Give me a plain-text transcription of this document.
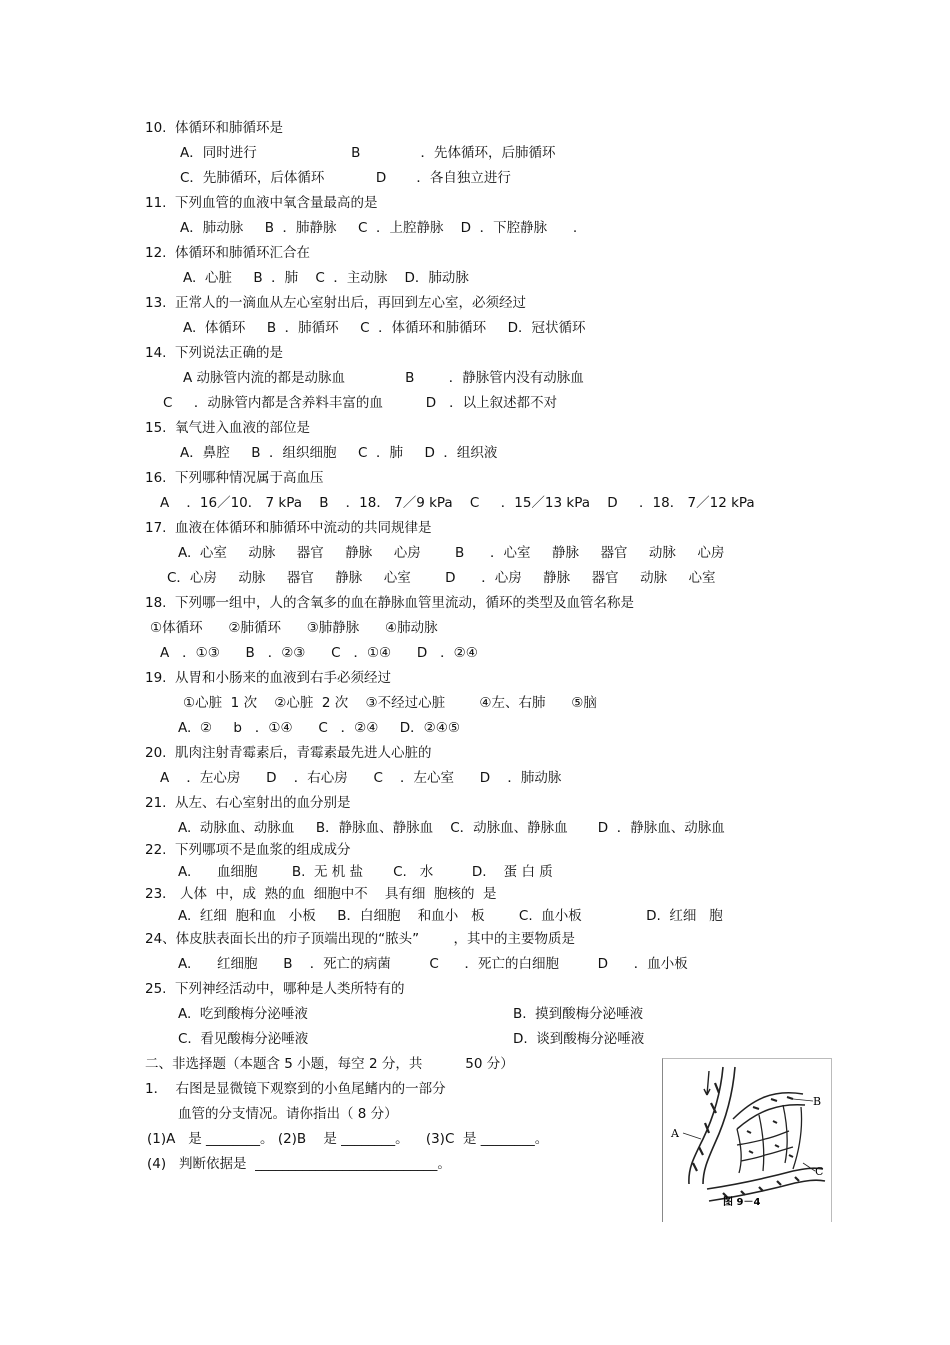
10.  体循环和肺循环是
A．同时进行                      B              ．先体循环，后肺循环
C．先肺循环，后体循环            D       ．各自独立进行
11.  下列血管的血液中氧含量最高的是
A．肺动脉     B  ．肺静脉     C  ．上腔静脉    D  ．下腔静脉      .
12.  体循环和肺循环汇合在
A.  心脏     B  ．肺    C  ．主动脉    D．肺动脉
13.  正常人的一滴血从左心室射出后，再回到左心室，必须经过
A.  体循环     B  ．肺循环     C  ．体循环和肺循环     D．冠状循环
14.  下列说法正确的是
A 动脉管内流的都是动脉血              B        ．静脉管内没有动脉血
C     ．动脉管内都是含养料丰富的血          D   ．以上叙述都不对
15.  氧气进入血液的部位是
A．鼻腔     B  ．组织细胞     C  ．肺     D  ．组织液
16.  下列哪种情况属于高血压
A    ．16／10． 7 kPa    B    ．18． 7／9 kPa    C     ．15／13 kPa    D     ．18． 7／12 kPa
17.  血液在体循环和肺循环中流动的共同规律是
A.  心室     动脉     器官     静脉     心房        B      ．心室     静脉     器官     动脉     心房
C．心房     动脉     器官     静脉     心室        D      ．心房     静脉     器官     动脉     心室
18.  下列哪一组中，人的含氧多的血在静脉血管里流动，循环的类型及血管名称是
①体循环      ②肺循环      ③肺静脉      ④肺动脉
A   ．①③      B   ．②③      C   ．①④      D   ．②④
19.  从胃和小肠来的血液到右手必须经过
①心脏  1 次    ②心脏  2 次    ③不经过心脏        ④左、右肺      ⑤脑
A.  ②     b   ．①④      C   ．②④     D．②④⑤
20.  肌肉注射青霉素后，青霉素最先进人心脏的
A    ．左心房      D    ．右心房      C    ．左心室      D    ．肺动脉
21.  从左、右心室射出的血分别是
A.  动脉血、动脉血     B．静脉血、静脉血    C．动脉血、静脉血       D  ．静脉血、动脉血
22.  下列哪项不是血浆的组成成分
A.      血细胞        B.  无 机 盐       C.   水         D.    蛋 白 质
23． 人体  中，成  熟的血  细胞中不    具有细  胞核的  是
A.  红细  胞和血   小板     B．白细胞    和血小   板        C.  血小板               D.  红细   胞
24、体皮肤表面长出的疖子顶端出现的“脓头”        ，其中的主要物质是
A.      红细胞      B    ．死亡的病菌         C      ．死亡的白细胞         D      ．血小板
25.  下列神经活动中，哪种是人类所特有的
A.  吃到酸梅分泌唾液	B.  摸到酸梅分泌唾液
C.  看见酸梅分泌唾液	D.  谈到酸梅分泌唾液
二、非选择题（本题含 5 小题，每空 2 分，共          50 分）
1．  右图是显微镜下观察到的小鱼尾鳍内的一部分
血管的分支情况。请你指出（ 8 分）
(1)A   是 ________。 (2)B    是 ________。    (3)C  是 ________。
(4)   判断依据是  ___________________________。
A
B
C
图 9－4
